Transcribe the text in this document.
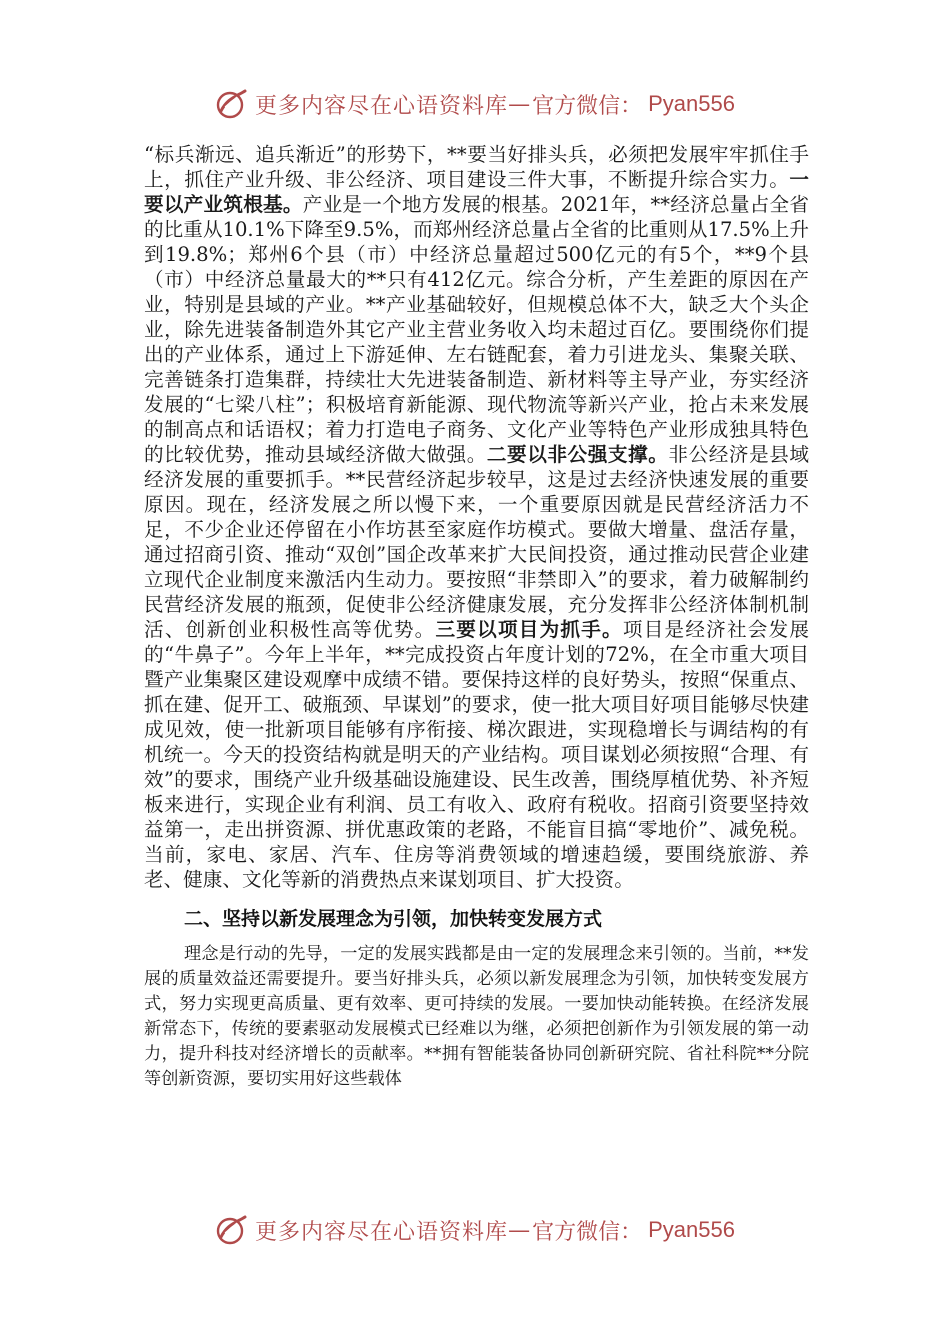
更多内容尽在心语资料库 — 官方微信： Pyan556

“标兵渐远、追兵渐近”的形势下，**要当好排头兵，必须把发展牢牢抓住手上，抓住产业升级、非公经济、项目建设三件大事，不断提升综合实力。一要以产业筑根基。产业是一个地方发展的根基。2021年，**经济总量占全省的比重从10.1%下降至9.5%，而郑州经济总量占全省的比重则从17.5%上升到19.8%；郑州6个县（市）中经济总量超过500亿元的有5个，**9个县（市）中经济总量最大的**只有412亿元。综合分析，产生差距的原因在产业，特别是县域的产业。**产业基础较好，但规模总体不大，缺乏大个头企业，除先进装备制造外其它产业主营业务收入均未超过百亿。要围绕你们提出的产业体系，通过上下游延伸、左右链配套，着力引进龙头、集聚关联、完善链条打造集群，持续壮大先进装备制造、新材料等主导产业，夯实经济发展的“七梁八柱”；积极培育新能源、现代物流等新兴产业，抢占未来发展的制高点和话语权；着力打造电子商务、文化产业等特色产业形成独具特色的比较优势，推动县域经济做大做强。二要以非公强支撑。非公经济是县域经济发展的重要抓手。**民营经济起步较早，这是过去经济快速发展的重要原因。现在，经济发展之所以慢下来，一个重要原因就是民营经济活力不足，不少企业还停留在小作坊甚至家庭作坊模式。要做大增量、盘活存量，通过招商引资、推动“双创”国企改革来扩大民间投资，通过推动民营企业建立现代企业制度来激活内生动力。要按照“非禁即入”的要求，着力破解制约民营经济发展的瓶颈，促使非公经济健康发展，充分发挥非公经济体制机制活、创新创业积极性高等优势。三要以项目为抓手。项目是经济社会发展的“牛鼻子”。今年上半年，**完成投资占年度计划的72%，在全市重大项目暨产业集聚区建设观摩中成绩不错。要保持这样的良好势头，按照“保重点、抓在建、促开工、破瓶颈、早谋划”的要求，使一批大项目好项目能够尽快建成见效，使一批新项目能够有序衔接、梯次跟进，实现稳增长与调结构的有机统一。今天的投资结构就是明天的产业结构。项目谋划必须按照“合理、有效”的要求，围绕产业升级基础设施建设、民生改善，围绕厚植优势、补齐短板来进行，实现企业有利润、员工有收入、政府有税收。招商引资要坚持效益第一，走出拼资源、拼优惠政策的老路，不能盲目搞“零地价”、减免税。当前，家电、家居、汽车、住房等消费领域的增速趋缓，要围绕旅游、养老、健康、文化等新的消费热点来谋划项目、扩大投资。

二、坚持以新发展理念为引领，加快转变发展方式

理念是行动的先导，一定的发展实践都是由一定的发展理念来引领的。当前，**发展的质量效益还需要提升。要当好排头兵，必须以新发展理念为引领，加快转变发展方式，努力实现更高质量、更有效率、更可持续的发展。一要加快动能转换。在经济发展新常态下，传统的要素驱动发展模式已经难以为继，必须把创新作为引领发展的第一动力，提升科技对经济增长的贡献率。**拥有智能装备协同创新研究院、省社科院**分院等创新资源，要切实用好这些载体

更多内容尽在心语资料库 — 官方微信： Pyan556
